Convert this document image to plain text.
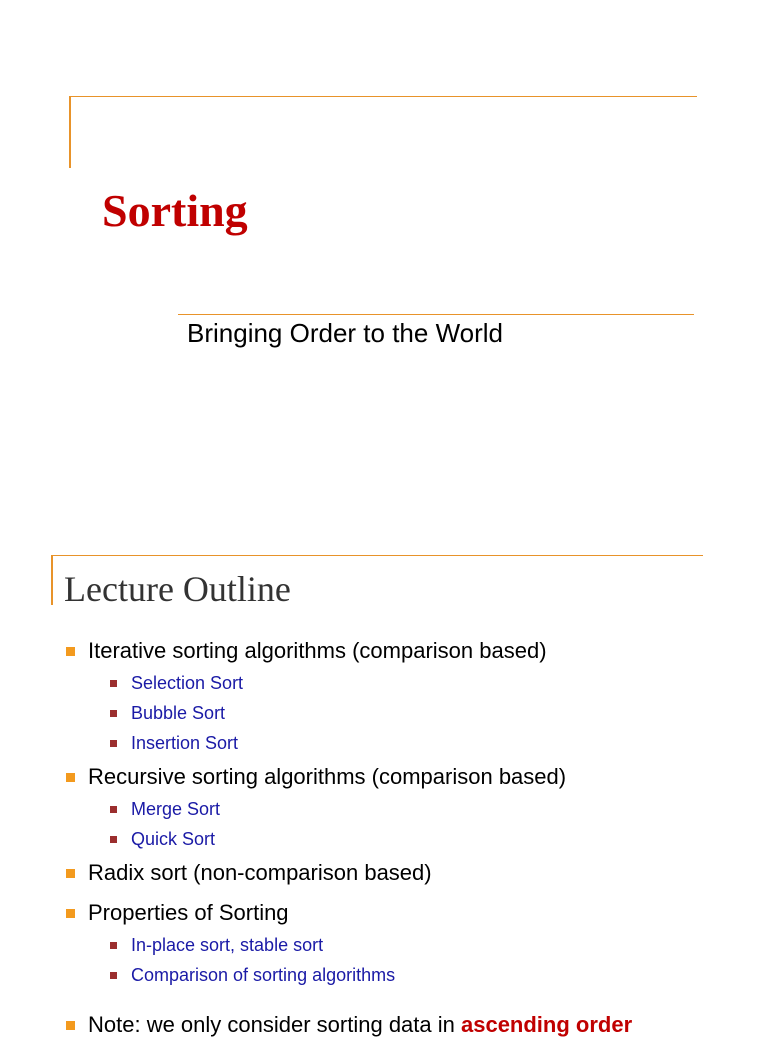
Sorting

Bringing Order to the World

Lecture Outline
Iterative sorting algorithms (comparison based)
Selection Sort
Bubble Sort
Insertion Sort
Recursive sorting algorithms (comparison based)
Merge Sort
Quick Sort
Radix sort (non-comparison based)
Properties of Sorting
In-place sort, stable sort
Comparison of sorting algorithms
Note: we only consider sorting data in ascending order
